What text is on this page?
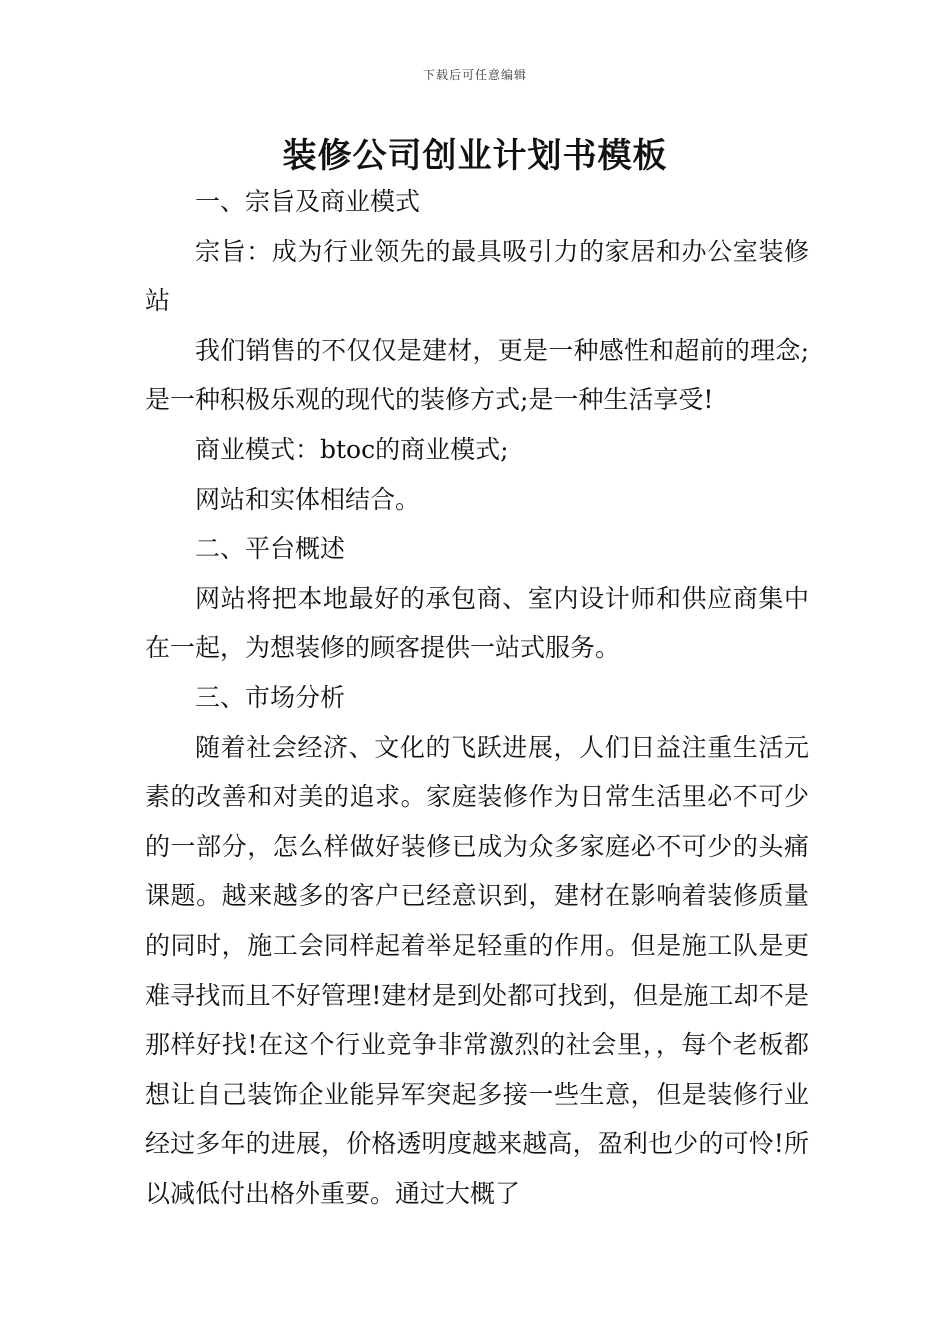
下载后可任意编辑
装修公司创业计划书模板

一、宗旨及商业模式

宗旨：成为行业领先的最具吸引力的家居和办公室装修站

我们销售的不仅仅是建材，更是一种感性和超前的理念;是一种积极乐观的现代的装修方式;是一种生活享受!

商业模式：btoc的商业模式;

网站和实体相结合。

二、平台概述

网站将把本地最好的承包商、室内设计师和供应商集中在一起，为想装修的顾客提供一站式服务。

三、市场分析

随着社会经济、文化的飞跃进展，人们日益注重生活元素的改善和对美的追求。家庭装修作为日常生活里必不可少的一部分，怎么样做好装修已成为众多家庭必不可少的头痛课题。越来越多的客户已经意识到，建材在影响着装修质量的同时，施工会同样起着举足轻重的作用。但是施工队是更难寻找而且不好管理!建材是到处都可找到，但是施工却不是那样好找!在这个行业竞争非常激烈的社会里，，每个老板都想让自己装饰企业能异军突起多接一些生意，但是装修行业经过多年的进展，价格透明度越来越高，盈利也少的可怜!所以减低付出格外重要。通过大概了
